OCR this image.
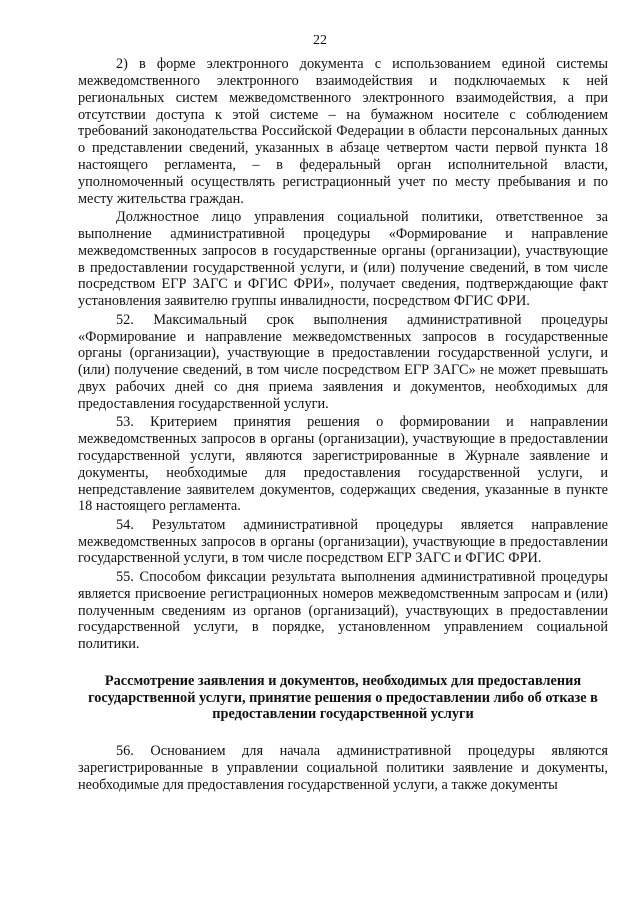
22

2) в форме электронного документа с использованием единой системы межведомственного электронного взаимодействия и подключаемых к ней региональных систем межведомственного электронного взаимодействия, а при отсутствии доступа к этой системе – на бумажном носителе с соблюдением требований законодательства Российской Федерации в области персональных данных о представлении сведений, указанных в абзаце четвертом части первой пункта 18 настоящего регламента, – в федеральный орган исполнительной власти, уполномоченный осуществлять регистрационный учет по месту пребывания и по месту жительства граждан.

Должностное лицо управления социальной политики, ответственное за выполнение административной процедуры «Формирование и направление межведомственных запросов в государственные органы (организации), участвующие в предоставлении государственной услуги, и (или) получение сведений, в том числе посредством ЕГР ЗАГС и ФГИС ФРИ», получает сведения, подтверждающие факт установления заявителю группы инвалидности, посредством ФГИС ФРИ.

52. Максимальный срок выполнения административной процедуры «Формирование и направление межведомственных запросов в государственные органы (организации), участвующие в предоставлении государственной услуги, и (или) получение сведений, в том числе посредством ЕГР ЗАГС» не может превышать двух рабочих дней со дня приема заявления и документов, необходимых для предоставления государственной услуги.

53. Критерием принятия решения о формировании и направлении межведомственных запросов в органы (организации), участвующие в предоставлении государственной услуги, являются зарегистрированные в Журнале заявление и документы, необходимые для предоставления государственной услуги, и непредставление заявителем документов, содержащих сведения, указанные в пункте 18 настоящего регламента.

54. Результатом административной процедуры является направление межведомственных запросов в органы (организации), участвующие в предоставлении государственной услуги, в том числе посредством ЕГР ЗАГС и ФГИС ФРИ.

55. Способом фиксации результата выполнения административной процедуры является присвоение регистрационных номеров межведомственным запросам и (или) полученным сведениям из органов (организаций), участвующих в предоставлении государственной услуги, в порядке, установленном управлением социальной политики.

Рассмотрение заявления и документов, необходимых для предоставления государственной услуги, принятие решения о предоставлении либо об отказе в предоставлении государственной услуги

56. Основанием для начала административной процедуры являются зарегистрированные в управлении социальной политики заявление и документы, необходимые для предоставления государственной услуги, а также документы
